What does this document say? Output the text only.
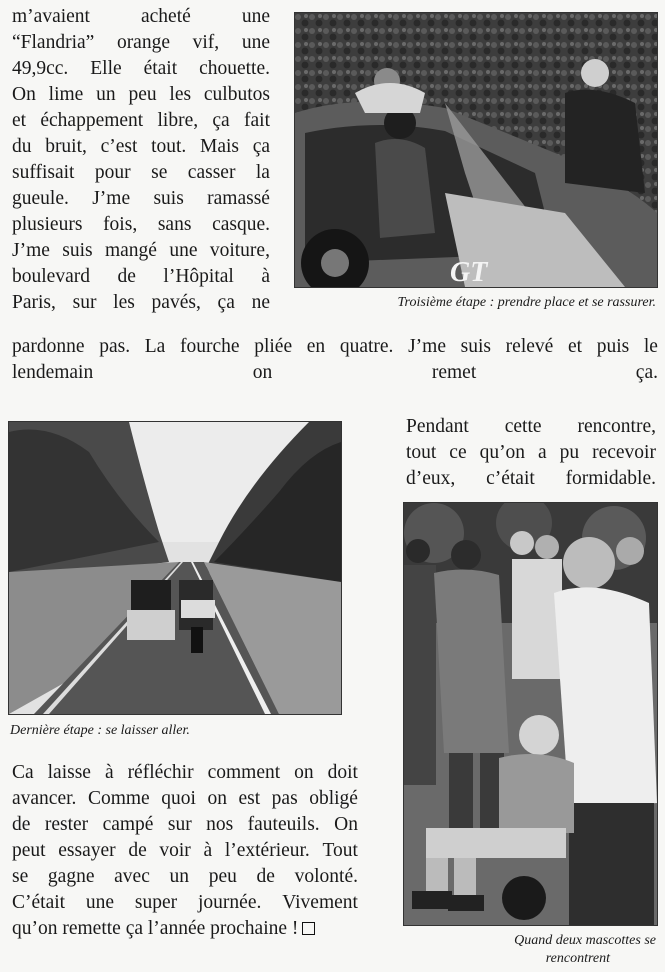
m’avaient	acheté	une
“Flandria” orange vif, une
49,9cc. Elle était chouette.
On lime un peu les culbutos
et échappement libre, ça fait
du bruit, c’est tout. Mais ça
suffisait pour se casser la
gueule. J’me suis ramassé
plusieurs fois, sans casque.
J’me suis mangé une voiture,
boulevard de l’Hôpital à
Paris, sur les pavés, ça ne
pardonne pas. La fourche pliée en quatre. J’me suis relevé et puis le
lendemain on remet ça.
GT
Troisième étape : prendre place et se rassurer.
Dernière étape : se laisser aller.
Pendant cette rencontre,
tout ce qu’on a pu recevoir
d’eux, c’était formidable.
Quand deux mascottes se
rencontrent
Ca laisse à réfléchir comment on doit
avancer. Comme quoi on est pas obligé
de rester campé sur nos fauteuils. On
peut essayer de voir à l’extérieur. Tout
se gagne avec un peu de volonté.
C’était une super journée. Vivement
qu’on remette ça l’année prochaine !
